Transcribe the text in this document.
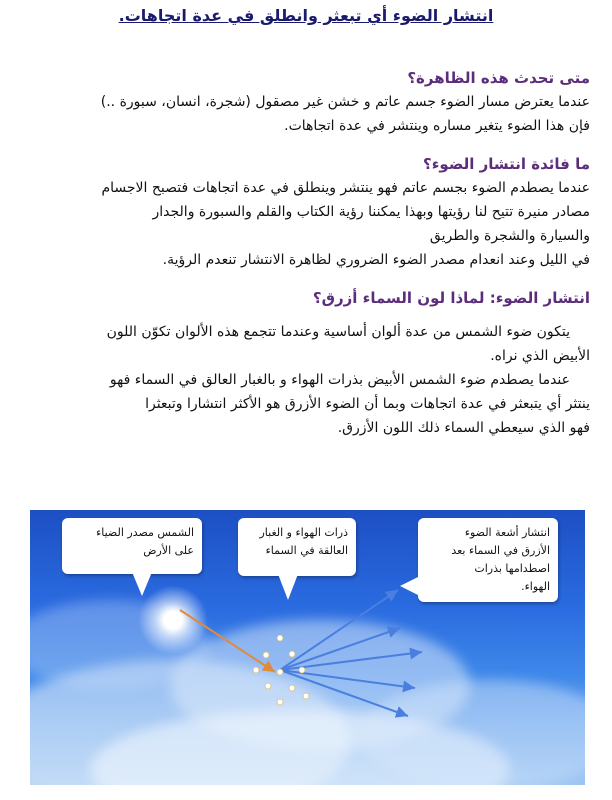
انتشار الضوء أي تبعثر وانطلق في عدة اتجاهات.
متى تحدث هذه الظاهرة؟
عندما يعترض مسار الضوء جسم عاتم و خشن غير مصقول (شجرة، انسان، سبورة ..)
فإن هذا الضوء يتغير مساره وينتشر في عدة اتجاهات.
ما فائدة انتشار الضوء؟
عندما يصطدم الضوء بجسم عاتم فهو ينتشر وينطلق في عدة اتجاهات فتصبح الاجسام
مصادر منيرة تتيح لنا رؤيتها وبهذا يمكننا رؤية الكتاب والقلم والسبورة والجدار
والسيارة والشجرة والطريق
في الليل وعند انعدام مصدر الضوء الضروري لظاهرة الانتشار تنعدم الرؤية.
انتشار الضوء: لماذا لون السماء أزرق؟
يتكون ضوء الشمس من عدة ألوان أساسية وعندما تتجمع هذه الألوان تكوّن اللون
الأبيض الذي نراه.
عندما يصطدم ضوء الشمس الأبيض بذرات الهواء و بالغبار العالق في السماء فهو
ينتثر أي يتبعثر في عدة اتجاهات وبما أن الضوء الأزرق هو الأكثر انتشارا وتبعثرا
فهو الذي سيعطي السماء ذلك اللون الأزرق.
الشمس مصدر الضياء
على الأرض
ذرات الهواء و الغبار
العالقة في السماء
انتشار أشعة الضوء
الأزرق في السماء بعد
اصطدامها بذرات
الهواء.
